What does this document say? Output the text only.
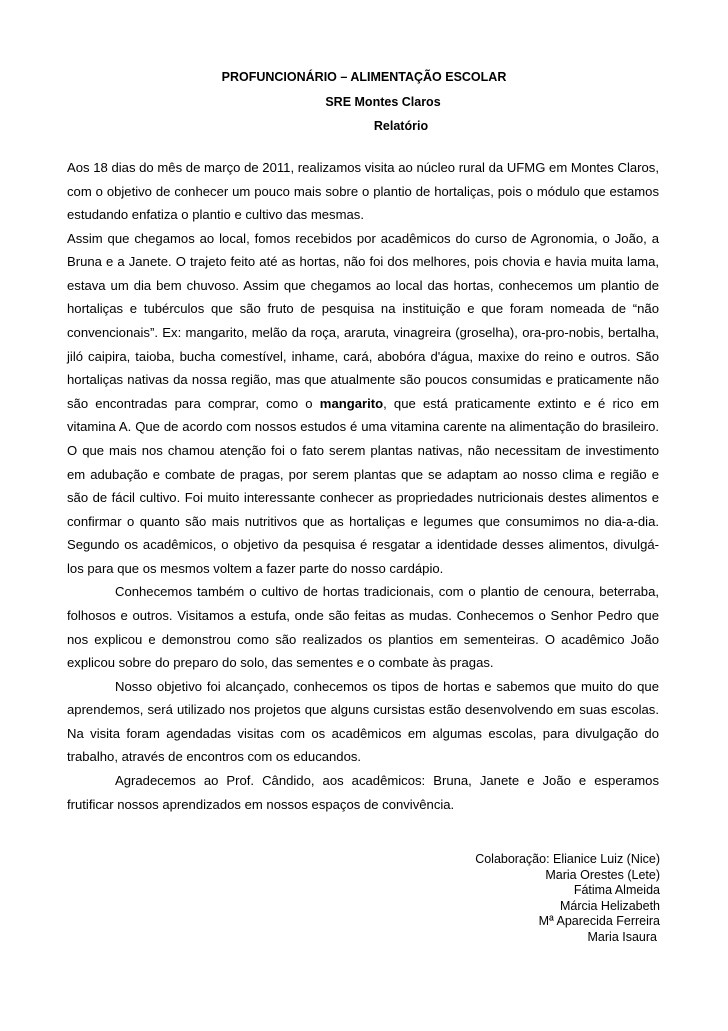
PROFUNCIONÁRIO – ALIMENTAÇÃO ESCOLAR
SRE Montes Claros
Relatório

Aos 18 dias do mês de março de 2011, realizamos visita ao núcleo rural da UFMG em Montes Claros, com o objetivo de conhecer um pouco mais sobre o plantio de hortaliças, pois o módulo que estamos estudando enfatiza o plantio e cultivo das mesmas.

Assim que chegamos ao local, fomos recebidos por acadêmicos do curso de Agronomia, o João, a Bruna e a Janete. O trajeto feito até as hortas, não foi dos melhores, pois chovia e havia muita lama, estava um dia bem chuvoso. Assim que chegamos ao local das hortas, conhecemos um plantio de hortaliças e tubérculos que são fruto de pesquisa na instituição e que foram nomeada de “não convencionais”. Ex: mangarito, melão da roça, araruta, vinagreira (groselha), ora-pro-nobis, bertalha, jiló caipira, taioba, bucha comestível, inhame, cará, abobóra d'água, maxixe do reino e outros. São hortaliças nativas da nossa região, mas que atualmente são poucos consumidas e praticamente não são encontradas para comprar, como o mangarito, que está praticamente extinto e é rico em vitamina A. Que de acordo com nossos estudos é uma vitamina carente na alimentação do brasileiro. O que mais nos chamou atenção foi o fato serem plantas nativas, não necessitam de investimento em adubação e combate de pragas, por serem plantas que se adaptam ao nosso clima e região e são de fácil cultivo. Foi muito interessante conhecer as propriedades nutricionais destes alimentos e confirmar o quanto são mais nutritivos que as hortaliças e legumes que consumimos no dia-a-dia. Segundo os acadêmicos, o objetivo da pesquisa é resgatar a identidade desses alimentos, divulgá-los para que os mesmos voltem a fazer parte do nosso cardápio.

Conhecemos também o cultivo de hortas tradicionais, com o plantio de cenoura, beterraba, folhosos e outros. Visitamos a estufa, onde são feitas as mudas. Conhecemos o Senhor Pedro que nos explicou e demonstrou como são realizados os plantios em sementeiras. O acadêmico João explicou sobre do preparo do solo, das sementes e o combate às pragas.

Nosso objetivo foi alcançado, conhecemos os tipos de hortas e sabemos que muito do que aprendemos, será utilizado nos projetos que alguns cursistas estão desenvolvendo em suas escolas. Na visita foram agendadas visitas com os acadêmicos em algumas escolas, para divulgação do trabalho, através de encontros com os educandos.

Agradecemos ao Prof. Cândido, aos acadêmicos: Bruna, Janete e João e esperamos frutificar nossos aprendizados em nossos espaços de convivência.

Colaboração: Elianice Luiz (Nice)
Maria Orestes (Lete)
Fátima Almeida
Márcia Helizabeth
Mª Aparecida Ferreira
Maria Isaura
